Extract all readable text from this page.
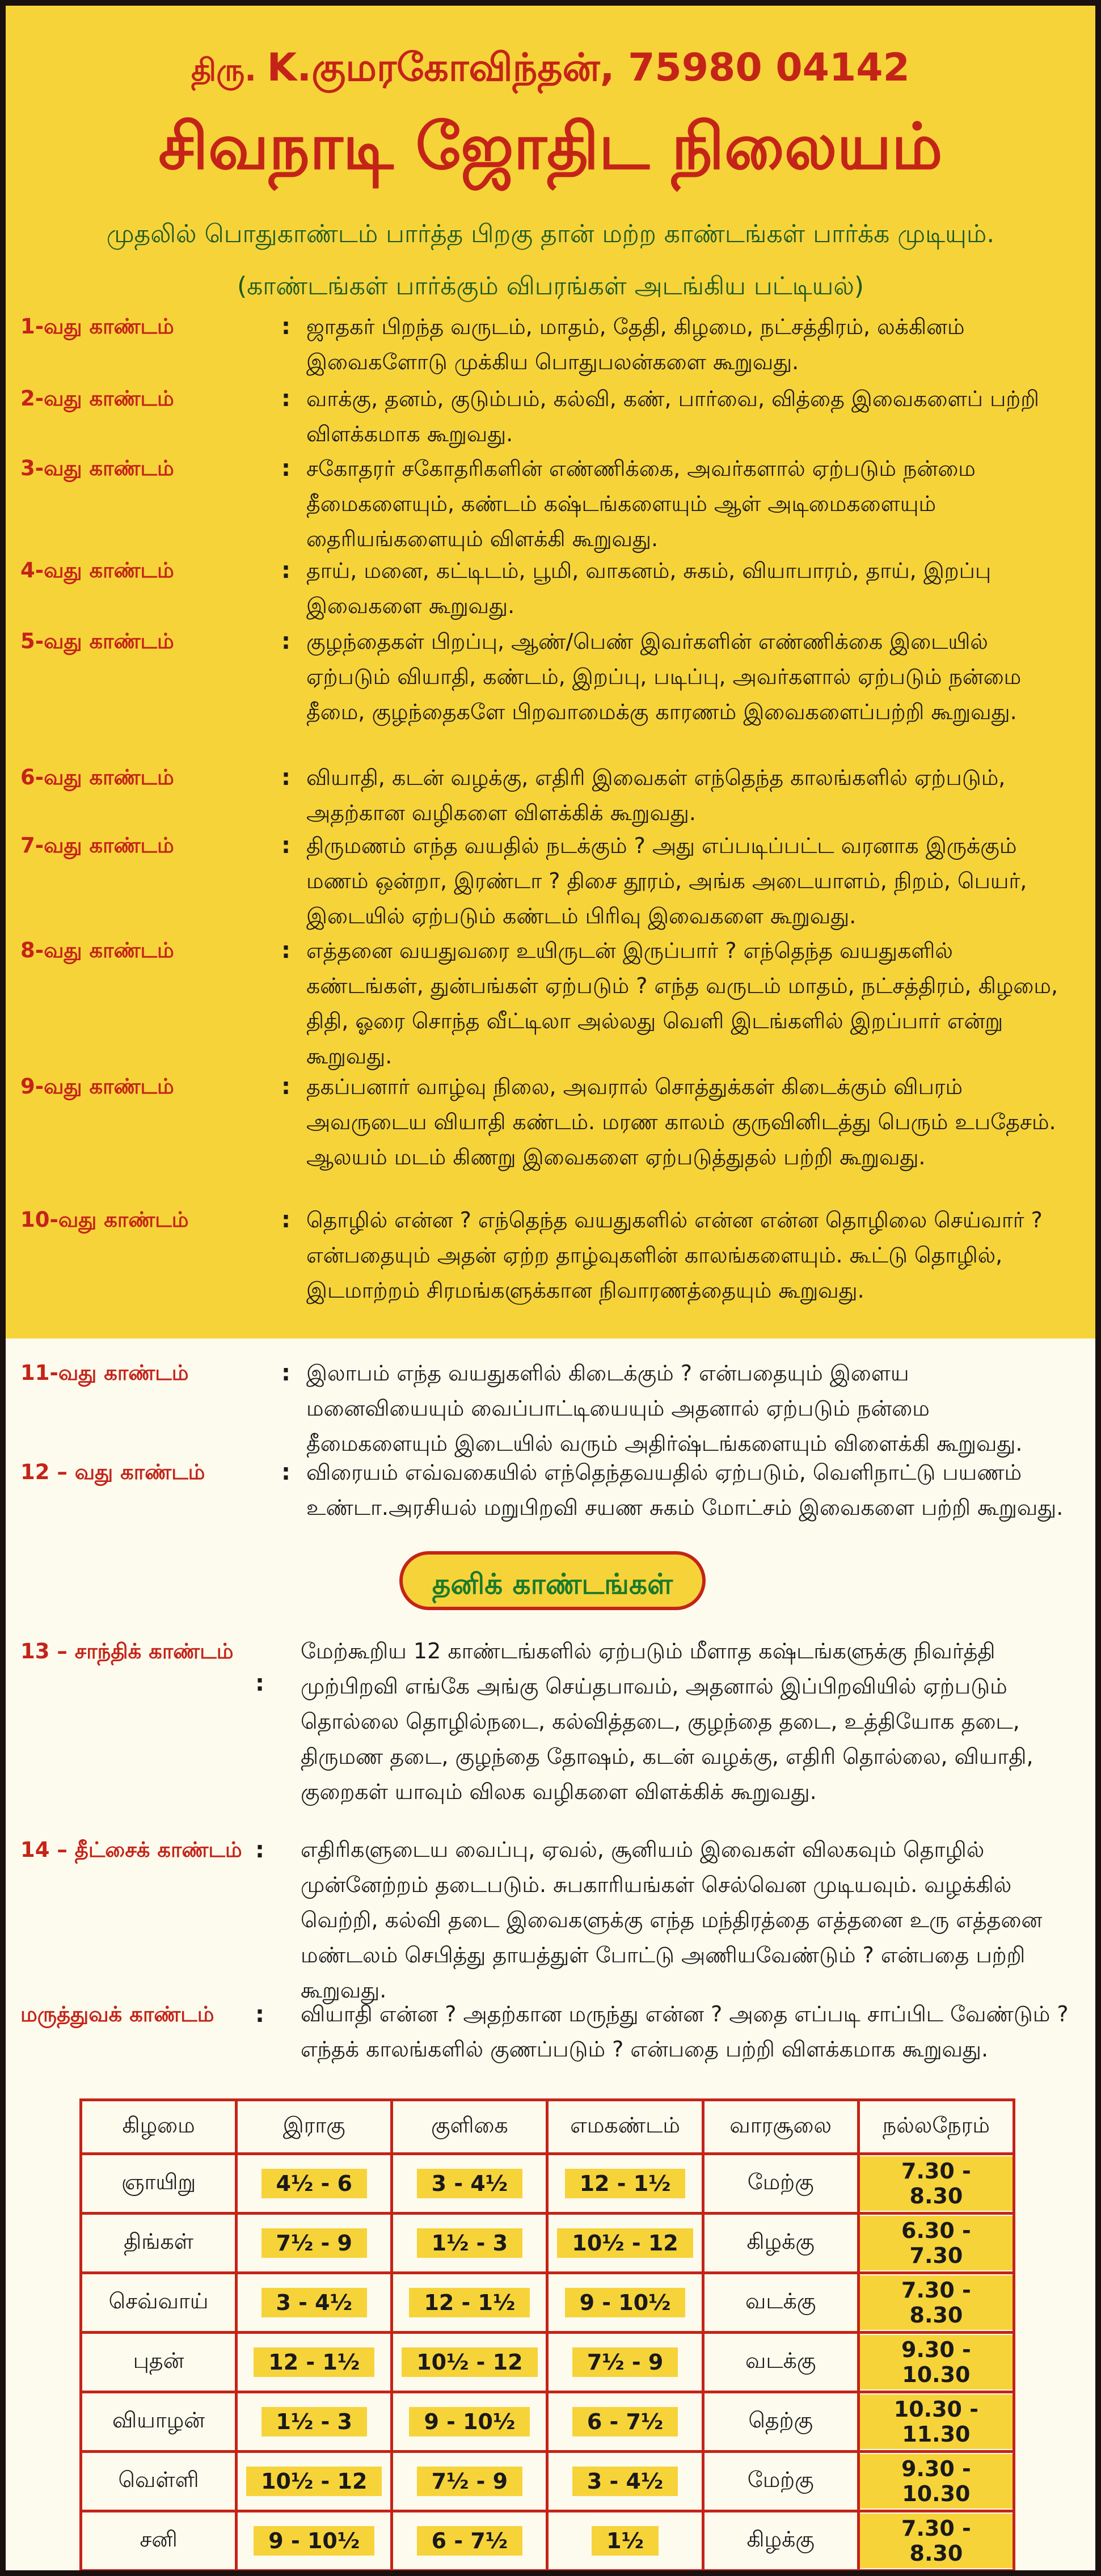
திரு. K.குமரகோவிந்தன், 75980 04142
சிவநாடி ஜோதிட நிலையம்
முதலில் பொதுகாண்டம் பார்த்த பிறகு தான் மற்ற காண்டங்கள் பார்க்க முடியும்.
(காண்டங்கள் பார்க்கும் விபரங்கள் அடங்கிய பட்டியல்)
1-வது காண்டம்	: ஜாதகர் பிறந்த வருடம், மாதம், தேதி, கிழமை, நட்சத்திரம், லக்கினம் இவைகளோடு முக்கிய பொதுபலன்களை கூறுவது.
2-வது காண்டம்	: வாக்கு, தனம், குடும்பம், கல்வி, கண், பார்வை, வித்தை இவைகளைப் பற்றி விளக்கமாக கூறுவது.
3-வது காண்டம்	: சகோதரர் சகோதரிகளின் எண்ணிக்கை, அவர்களால் ஏற்படும் நன்மை தீமைகளையும், கண்டம் கஷ்டங்களையும் ஆள் அடிமைகளையும் தைரியங்களையும் விளக்கி கூறுவது.
4-வது காண்டம்	: தாய், மனை, கட்டிடம், பூமி, வாகனம், சுகம், வியாபாரம், தாய், இறப்பு இவைகளை கூறுவது.
5-வது காண்டம்	: குழந்தைகள் பிறப்பு, ஆண்/பெண் இவர்களின் எண்ணிக்கை இடையில் ஏற்படும் வியாதி, கண்டம், இறப்பு, படிப்பு, அவர்களால் ஏற்படும் நன்மை தீமை, குழந்தைகளே பிறவாமைக்கு காரணம் இவைகளைப்பற்றி கூறுவது.
6-வது காண்டம்	: வியாதி, கடன் வழக்கு, எதிரி இவைகள் எந்தெந்த காலங்களில் ஏற்படும், அதற்கான வழிகளை விளக்கிக் கூறுவது.
7-வது காண்டம்	: திருமணம் எந்த வயதில் நடக்கும் ? அது எப்படிப்பட்ட வரனாக இருக்கும் மணம் ஒன்றா, இரண்டா ? திசை தூரம், அங்க அடையாளம், நிறம், பெயர், இடையில் ஏற்படும் கண்டம் பிரிவு இவைகளை கூறுவது.
8-வது காண்டம்	: எத்தனை வயதுவரை உயிருடன் இருப்பார் ? எந்தெந்த வயதுகளில் கண்டங்கள், துன்பங்கள் ஏற்படும் ? எந்த வருடம் மாதம், நட்சத்திரம், கிழமை, திதி, ஓரை சொந்த வீட்டிலா அல்லது வெளி இடங்களில் இறப்பார் என்று கூறுவது.
9-வது காண்டம்	: தகப்பனார் வாழ்வு நிலை, அவரால் சொத்துக்கள் கிடைக்கும் விபரம் அவருடைய வியாதி கண்டம். மரண காலம் குருவினிடத்து பெரும் உபதேசம். ஆலயம் மடம் கிணறு இவைகளை ஏற்படுத்துதல் பற்றி கூறுவது.
10-வது காண்டம்	: தொழில் என்ன ? எந்தெந்த வயதுகளில் என்ன என்ன தொழிலை செய்வார் ? என்பதையும் அதன் ஏற்ற தாழ்வுகளின் காலங்களையும். கூட்டு தொழில், இடமாற்றம் சிரமங்களுக்கான நிவாரணத்தையும் கூறுவது.
11-வது காண்டம்	: இலாபம் எந்த வயதுகளில் கிடைக்கும் ? என்பதையும் இளைய மனைவியையும் வைப்பாட்டியையும் அதனால் ஏற்படும் நன்மை தீமைகளையும் இடையில் வரும் அதிர்ஷ்டங்களையும் விளைக்கி கூறுவது.
12 – வது காண்டம்	: விரையம் எவ்வகையில் எந்தெந்தவயதில் ஏற்படும், வெளிநாட்டு பயணம் உண்டா.அரசியல் மறுபிறவி சயண சுகம் மோட்சம் இவைகளை பற்றி கூறுவது.
தனிக் காண்டங்கள்
13 – சாந்திக் காண்டம்
:
மேற்கூறிய 12 காண்டங்களில் ஏற்படும் மீளாத கஷ்டங்களுக்கு நிவர்த்தி முற்பிறவி எங்கே அங்கு செய்தபாவம், அதனால் இப்பிறவியில் ஏற்படும் தொல்லை தொழில்நடை, கல்வித்தடை, குழந்தை தடை, உத்தியோக தடை, திருமண தடை, குழந்தை தோஷம், கடன் வழக்கு, எதிரி தொல்லை, வியாதி, குறைகள் யாவும் விலக வழிகளை விளக்கிக் கூறுவது.
14 – தீட்சைக் காண்டம் : எதிரிகளுடைய வைப்பு, ஏவல், சூனியம் இவைகள் விலகவும் தொழில் முன்னேற்றம் தடைபடும். சுபகாரியங்கள் செல்வென முடியவும். வழக்கில் வெற்றி, கல்வி தடை இவைகளுக்கு எந்த மந்திரத்தை எத்தனை உரு எத்தனை மண்டலம் செபித்து தாயத்துள் போட்டு அணியவேண்டும் ? என்பதை பற்றி கூறுவது.
மருத்துவக் காண்டம்	: வியாதி என்ன ? அதற்கான மருந்து என்ன ? அதை எப்படி சாப்பிட வேண்டும் ? எந்தக் காலங்களில் குணப்படும் ? என்பதை பற்றி விளக்கமாக கூறுவது.
கிழமை	இராகு	குளிகை	எமகண்டம்	வாரசூலை	நல்லநேரம்
ஞாயிறு	4½ - 6	3 - 4½	12 - 1½	மேற்கு	7.30 - 8.30
திங்கள்	7½ - 9	1½ - 3	10½ - 12	கிழக்கு	6.30 - 7.30
செவ்வாய்	3 - 4½	12 - 1½	9 - 10½	வடக்கு	7.30 - 8.30
புதன்	12 - 1½	10½ - 12	7½ - 9	வடக்கு	9.30 - 10.30
வியாழன்	1½ - 3	9 - 10½	6 - 7½	தெற்கு	10.30 - 11.30
வெள்ளி	10½ - 12	7½ - 9	3 - 4½	மேற்கு	9.30 - 10.30
சனி	9 - 10½	6 - 7½	1½	கிழக்கு	7.30 - 8.30
